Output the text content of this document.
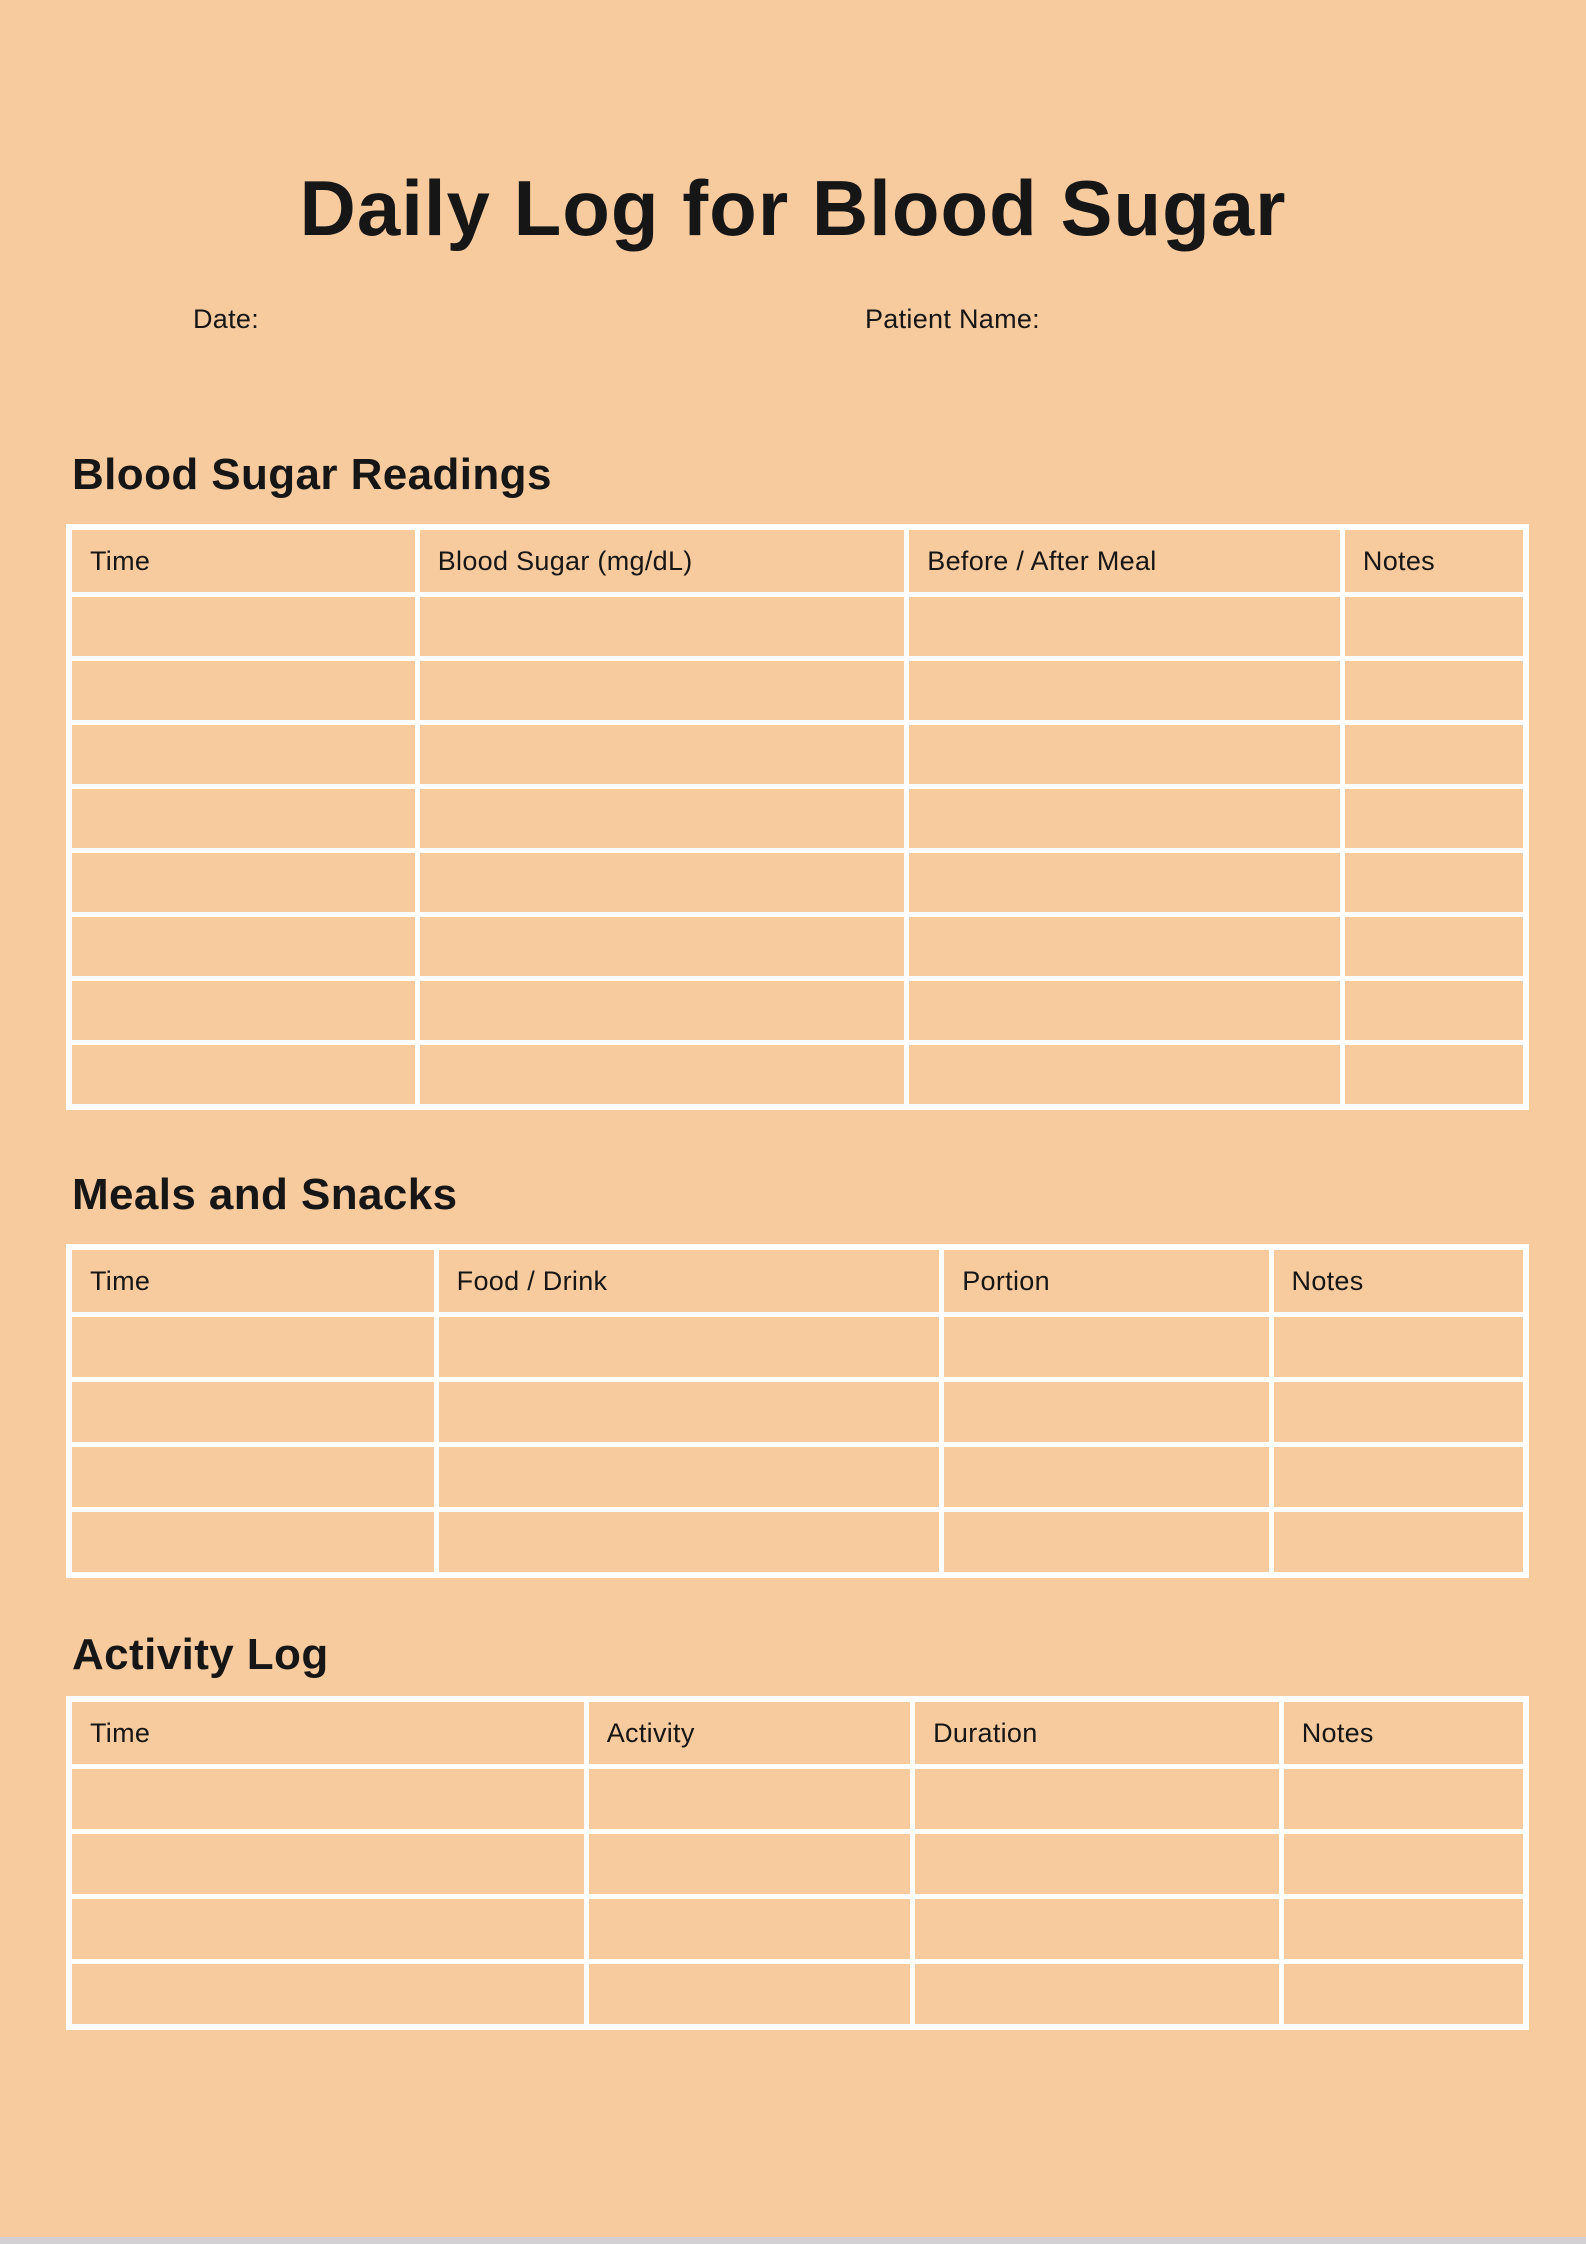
Daily Log for Blood Sugar
Date:	Patient Name:
Blood Sugar Readings
Time	Blood Sugar (mg/dL)	Before / After Meal	Notes

Meals and Snacks
Time	Food / Drink	Portion	Notes

Activity Log
Time	Activity	Duration	Notes
